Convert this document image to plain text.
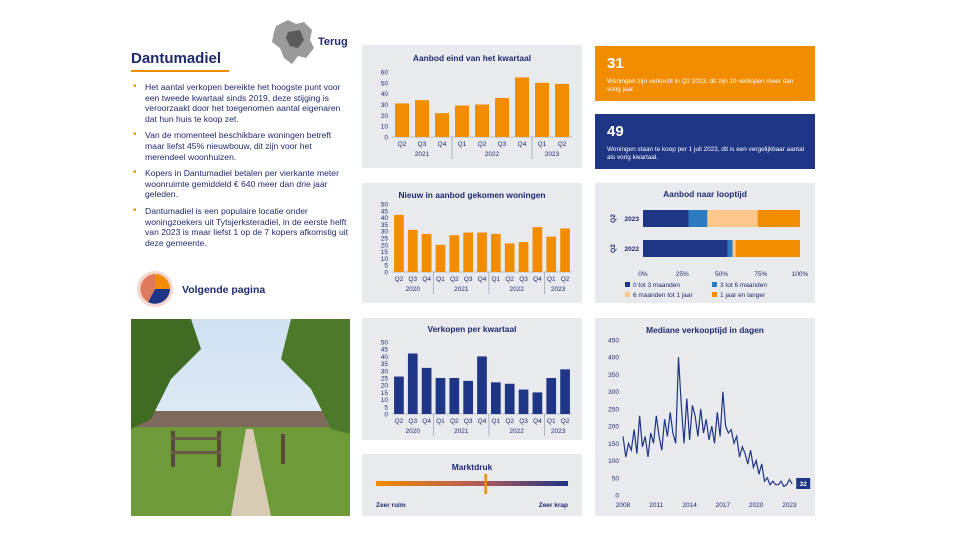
Dantumadiel
Terug
• Het aantal verkopen bereikte het hoogste punt voor een tweede kwartaal sinds 2019, deze stijging is veroorzaakt door het toegenomen aantal eigenaren dat hun huis te koop zet.
• Van de momenteel beschikbare woningen betreft maar liefst 45% nieuwbouw, dit zijn voor het merendeel woonhuizen.
• Kopers in Dantumadiel betalen per vierkante meter woonruimte gemiddeld € 640 meer dan drie jaar geleden.
• Dantumadiel is een populaire locatie onder woningzoekers uit Tytsjerksteradiel, in de eerste helft van 2023 is maar liefst 1 op de 7 kopers afkomstig uit deze gemeente.
Volgende pagina
Aanbod eind van het kwartaal
0
10
20
30
40
50
60
Q2 Q3 Q4 Q1 Q2 Q3 Q4 Q1 Q2
2021	2022	2023
Nieuw in aanbod gekomen woningen
0
5
10
15
20
25
30
35
40
45
50
Q2 Q3 Q4 Q1 Q2 Q3 Q4 Q1 Q2 Q3 Q4 Q1 Q2
2020	2021	2022	2023
Verkopen per kwartaal
0
5
10
15
20
25
30
35
40
45
50
Q2 Q3 Q4 Q1 Q2 Q3 Q4 Q1 Q2 Q3 Q4 Q1 Q2
2020	2021	2022	2023
Marktdruk
Zeer ruim	Zeer krap
31
Woningen zijn verkocht in Q2 2023, dit zijn 10 verkopen meer dan vorig jaar.
49
Woningen staan te koop per 1 juli 2023, dit is een vergelijkbaar aantal als vorig kwartaal.
Aanbod naar looptijd
Q2 2023
Q2 2022
0%	25%	50%	75%	100%
0 tot 3 maanden	3 tot 6 maanden
6 maanden tot 1 jaar	1 jaar en langer
Mediane verkooptijd in dagen
0
50
100
150
200
250
300
350
400
450
2008	2011	2014	2017	2020	2023
32
